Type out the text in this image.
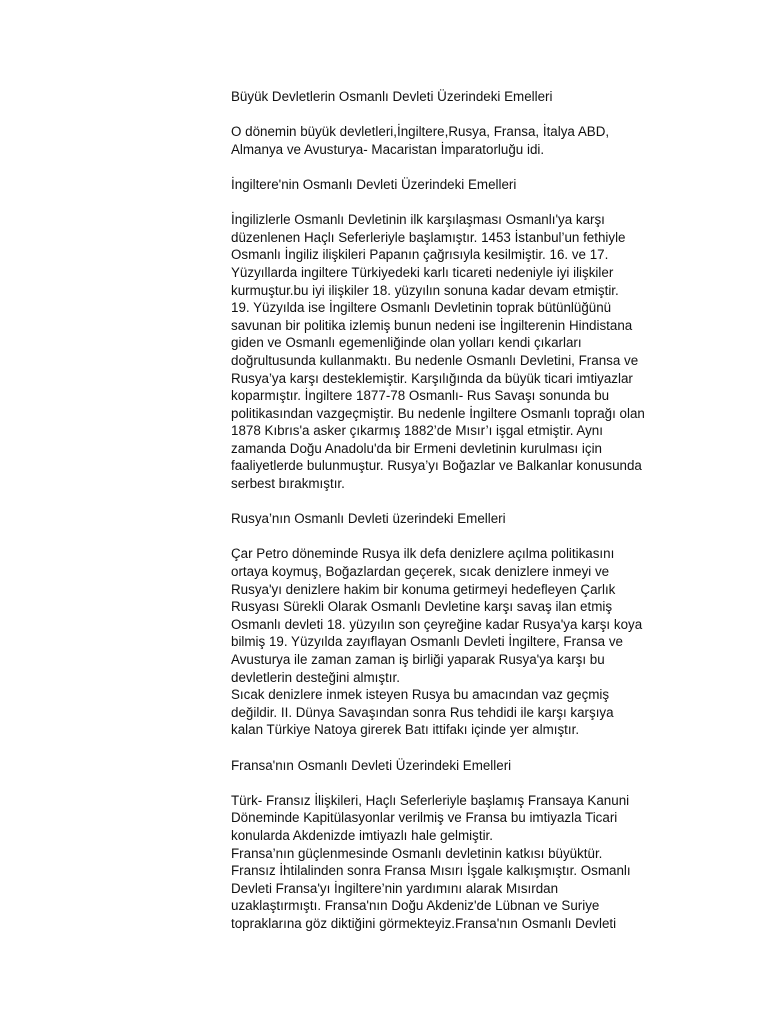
Büyük Devletlerin Osmanlı Devleti Üzerindeki Emelleri
O dönemin büyük devletleri,İngiltere,Rusya, Fransa, İtalya ABD,
Almanya ve Avusturya- Macaristan İmparatorluğu idi.
İngiltere'nin Osmanlı Devleti Üzerindeki Emelleri
İngilizlerle Osmanlı Devletinin ilk karşılaşması Osmanlı'ya karşı
düzenlenen Haçlı Seferleriyle başlamıştır. 1453 İstanbul’un fethiyle
Osmanlı İngiliz ilişkileri Papanın çağrısıyla kesilmiştir. 16. ve 17.
Yüzyıllarda ingiltere Türkiyedeki karlı ticareti nedeniyle iyi ilişkiler
kurmuştur.bu iyi ilişkiler 18. yüzyılın sonuna kadar devam etmiştir.
19. Yüzyılda ise İngiltere Osmanlı Devletinin toprak bütünlüğünü
savunan bir politika izlemiş bunun nedeni ise İngilterenin Hindistana
giden ve Osmanlı egemenliğinde olan yolları kendi çıkarları
doğrultusunda kullanmaktı. Bu nedenle Osmanlı Devletini, Fransa ve
Rusya’ya karşı desteklemiştir. Karşılığında da büyük ticari imtiyazlar
koparmıştır. İngiltere 1877-78 Osmanlı- Rus Savaşı sonunda bu
politikasından vazgeçmiştir. Bu nedenle İngiltere Osmanlı toprağı olan
1878 Kıbrıs'a asker çıkarmış 1882’de Mısır’ı işgal etmiştir. Aynı
zamanda Doğu Anadolu'da bir Ermeni devletinin kurulması için
faaliyetlerde bulunmuştur. Rusya’yı Boğazlar ve Balkanlar konusunda
serbest bırakmıştır.
Rusya’nın Osmanlı Devleti üzerindeki Emelleri
Çar Petro döneminde Rusya ilk defa denizlere açılma politikasını
ortaya koymuş, Boğazlardan geçerek, sıcak denizlere inmeyi ve
Rusya'yı denizlere hakim bir konuma getirmeyi hedefleyen Çarlık
Rusyası Sürekli Olarak Osmanlı Devletine karşı savaş ilan etmiş
Osmanlı devleti 18. yüzyılın son çeyreğine kadar Rusya'ya karşı koya
bilmiş 19. Yüzyılda zayıflayan Osmanlı Devleti İngiltere, Fransa ve
Avusturya ile zaman zaman iş birliği yaparak Rusya'ya karşı bu
devletlerin desteğini almıştır.
Sıcak denizlere inmek isteyen Rusya bu amacından vaz geçmiş
değildir. II. Dünya Savaşından sonra Rus tehdidi ile karşı karşıya
kalan Türkiye Natoya girerek Batı ittifakı içinde yer almıştır.
Fransa'nın Osmanlı Devleti Üzerindeki Emelleri
Türk- Fransız İlişkileri, Haçlı Seferleriyle başlamış Fransaya Kanuni
Döneminde Kapitülasyonlar verilmiş ve Fransa bu imtiyazla Ticari
konularda Akdenizde imtiyazlı hale gelmiştir.
Fransa’nın güçlenmesinde Osmanlı devletinin katkısı büyüktür.
Fransız İhtilalinden sonra Fransa Mısırı İşgale kalkışmıştır. Osmanlı
Devleti Fransa'yı İngiltere’nin yardımını alarak Mısırdan
uzaklaştırmıştı. Fransa'nın Doğu Akdeniz'de Lübnan ve Suriye
topraklarına göz diktiğini görmekteyiz.Fransa'nın Osmanlı Devleti
